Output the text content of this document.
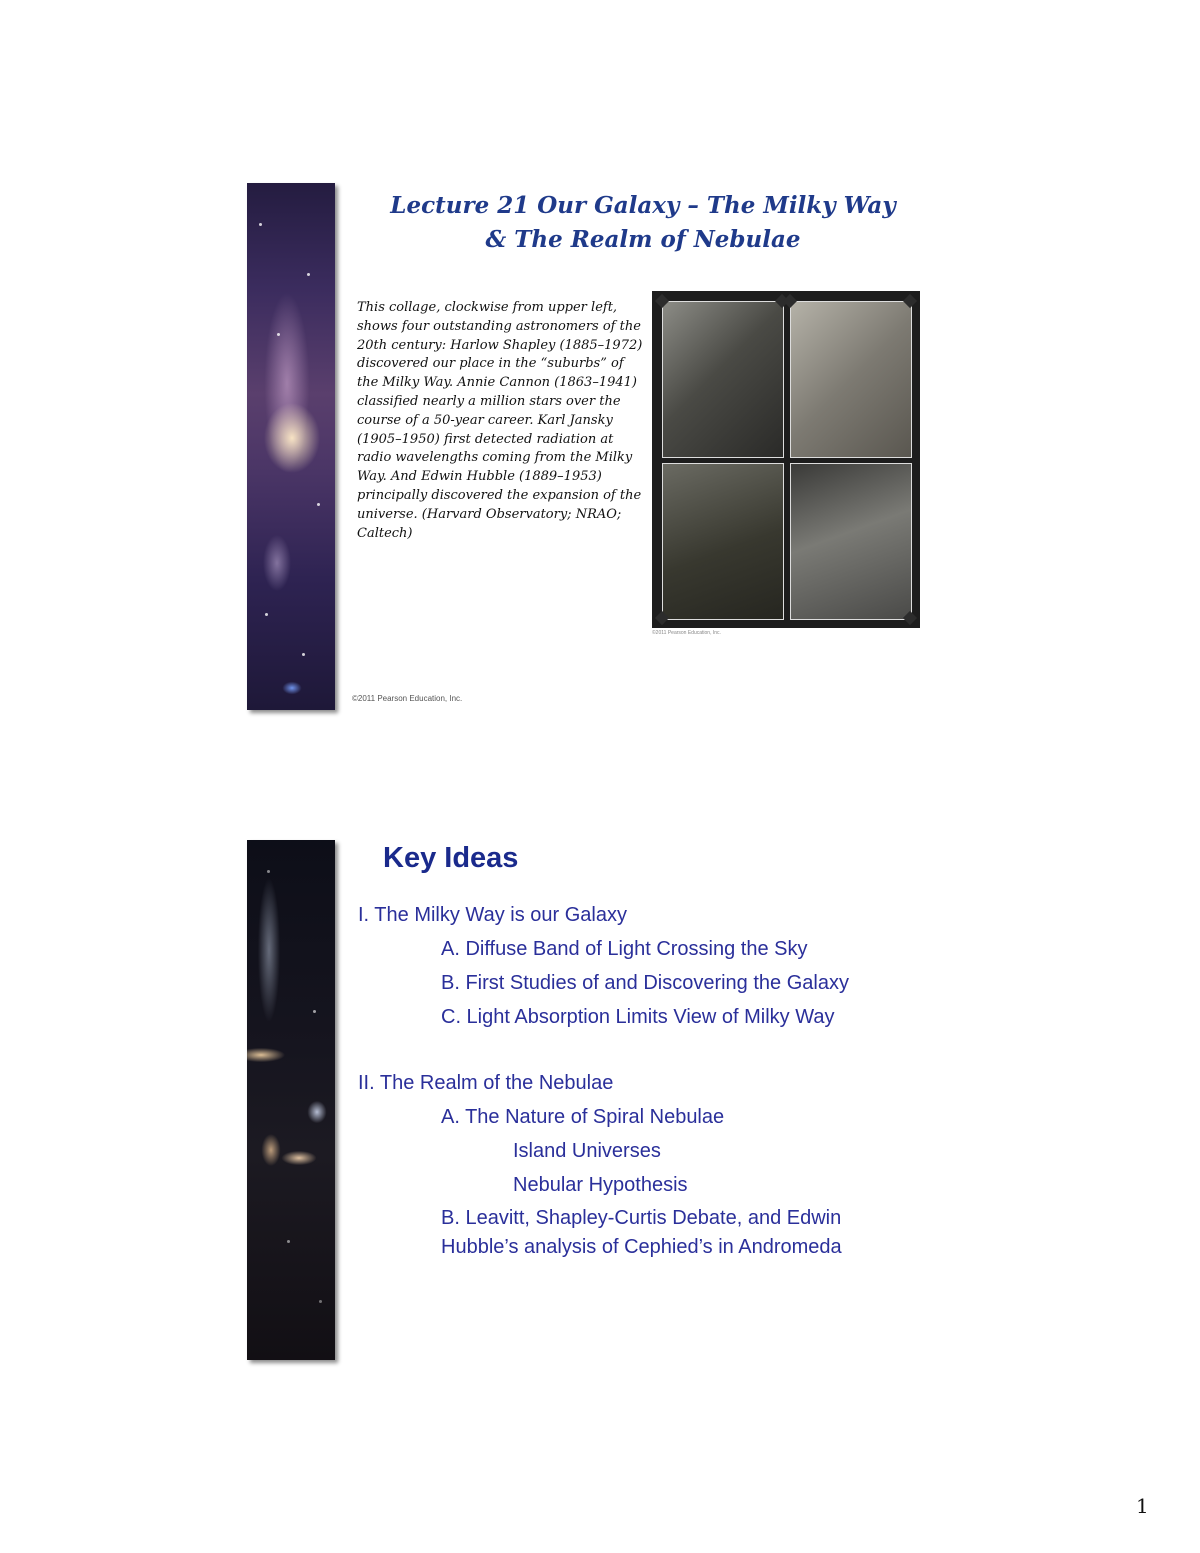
Lecture 21 Our Galaxy – The Milky Way
& The Realm of Nebulae

This collage, clockwise from upper left, shows four outstanding astronomers of the 20th century: Harlow Shapley (1885–1972) discovered our place in the “suburbs” of the Milky Way. Annie Cannon (1863–1941) classified nearly a million stars over the course of a 50-year career. Karl Jansky (1905–1950) first detected radiation at radio wavelengths coming from the Milky Way. And Edwin Hubble (1889–1953) principally discovered the expansion of the universe. (Harvard Observatory; NRAO; Caltech)

©2011 Pearson Education, Inc.

©2011 Pearson Education, Inc.

Key Ideas
I. The Milky Way is our Galaxy
A. Diffuse Band of Light Crossing the Sky
B. First Studies of and Discovering the Galaxy
C. Light Absorption Limits View of Milky Way
II. The Realm of the Nebulae
A. The Nature of Spiral Nebulae
Island Universes
Nebular Hypothesis
B. Leavitt, Shapley-Curtis Debate, and Edwin
Hubble’s analysis of Cephied’s in Andromeda

1
